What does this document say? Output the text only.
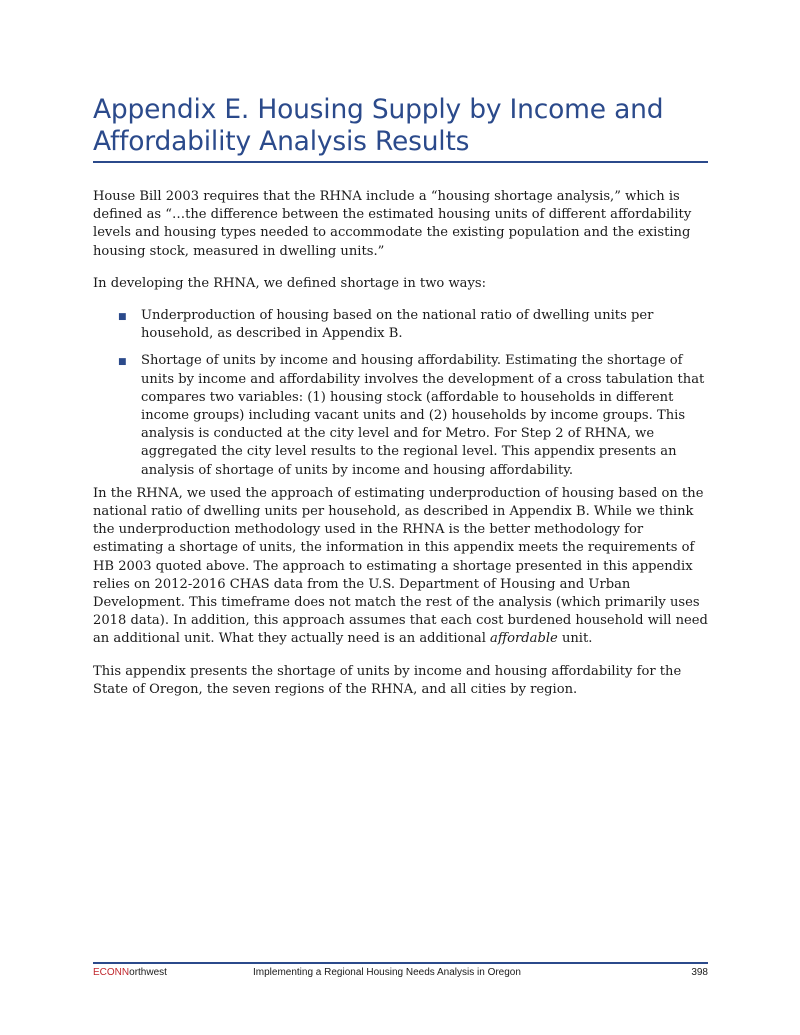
Appendix E. Housing Supply by Income and Affordability Analysis Results

House Bill 2003 requires that the RHNA include a “housing shortage analysis,” which is defined as “…the difference between the estimated housing units of different affordability levels and housing types needed to accommodate the existing population and the existing housing stock, measured in dwelling units.”

In developing the RHNA, we defined shortage in two ways:

■ Underproduction of housing based on the national ratio of dwelling units per household, as described in Appendix B.
■ Shortage of units by income and housing affordability. Estimating the shortage of units by income and affordability involves the development of a cross tabulation that compares two variables: (1) housing stock (affordable to households in different income groups) including vacant units and (2) households by income groups. This analysis is conducted at the city level and for Metro. For Step 2 of RHNA, we aggregated the city level results to the regional level. This appendix presents an analysis of shortage of units by income and housing affordability.

In the RHNA, we used the approach of estimating underproduction of housing based on the national ratio of dwelling units per household, as described in Appendix B. While we think the underproduction methodology used in the RHNA is the better methodology for estimating a shortage of units, the information in this appendix meets the requirements of HB 2003 quoted above. The approach to estimating a shortage presented in this appendix relies on 2012-2016 CHAS data from the U.S. Department of Housing and Urban Development. This timeframe does not match the rest of the analysis (which primarily uses 2018 data). In addition, this approach assumes that each cost burdened household will need an additional unit. What they actually need is an additional affordable unit.

This appendix presents the shortage of units by income and housing affordability for the State of Oregon, the seven regions of the RHNA, and all cities by region.

ECONNorthwest	Implementing a Regional Housing Needs Analysis in Oregon	398
